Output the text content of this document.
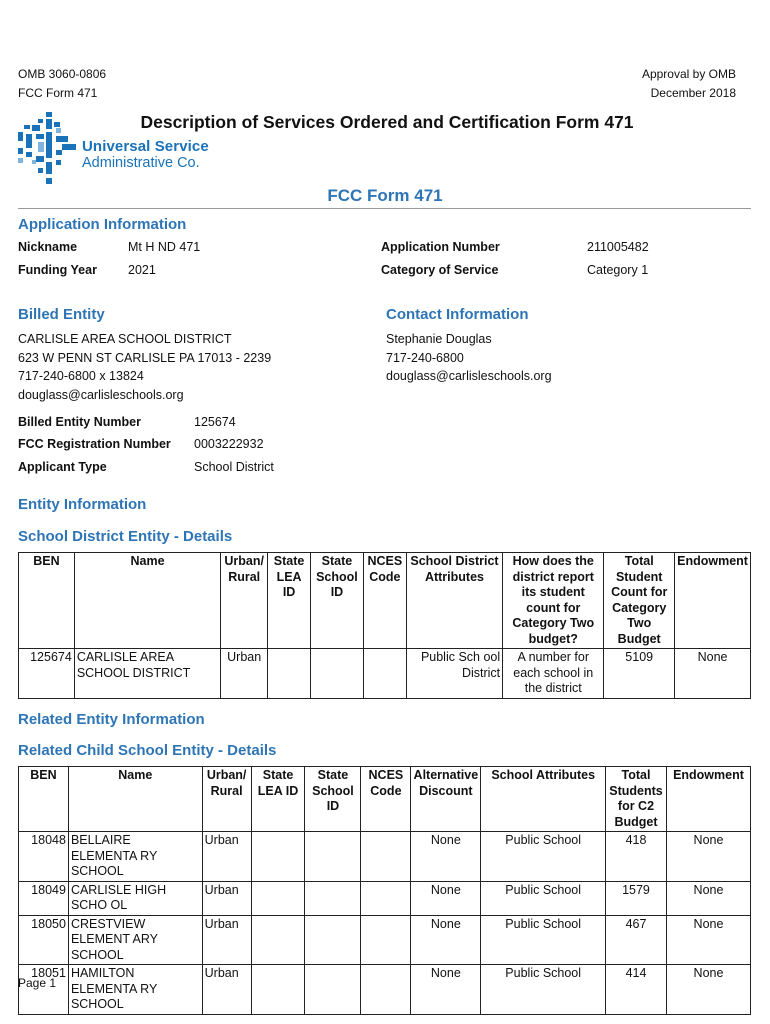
OMB 3060-0806
FCC Form 471
Approval by OMB
December 2018
Universal Service
Administrative Co.
Description of Services Ordered and Certification Form 471
FCC Form 471
Application Information
Nickname	Mt H ND 471
Funding Year 2021
Application Number	211005482
Category of Service	Category 1
Billed Entity
CARLISLE AREA SCHOOL DISTRICT
623 W PENN ST CARLISLE PA 17013 - 2239
717-240-6800 x 13824
douglass@carlisleschools.org
Contact Information
Stephanie Douglas
717-240-6800
douglass@carlisleschools.org
Billed Entity Number	125674
FCC Registration Number 0003222932
Applicant Type	School District
Entity Information
School District Entity - Details
BEN	Name	Urban/ Rural	State LEA ID	State School ID	NCES Code	School District Attributes	How does the district report its student count for Category Two budget?	Total Student Count for Category Two Budget	Endowment
125674	CARLISLE AREA SCHOOL DISTRICT	Urban				Public Sch ool District	A number for each school in the district	5109	None
Related Entity Information
Related Child School Entity - Details
BEN	Name	Urban/ Rural	State LEA ID	State School ID	NCES Code	Alternative Discount	School Attributes	Total Students for C2 Budget	Endowment
18048	BELLAIRE ELEMENTA RY SCHOOL	Urban				None	Public School	418	None
18049	CARLISLE HIGH SCHO OL	Urban				None	Public School	1579	None
18050	CRESTVIEW ELEMENT ARY SCHOOL	Urban				None	Public School	467	None
18051	HAMILTON ELEMENTA RY SCHOOL	Urban				None	Public School	414	None
Page 1
